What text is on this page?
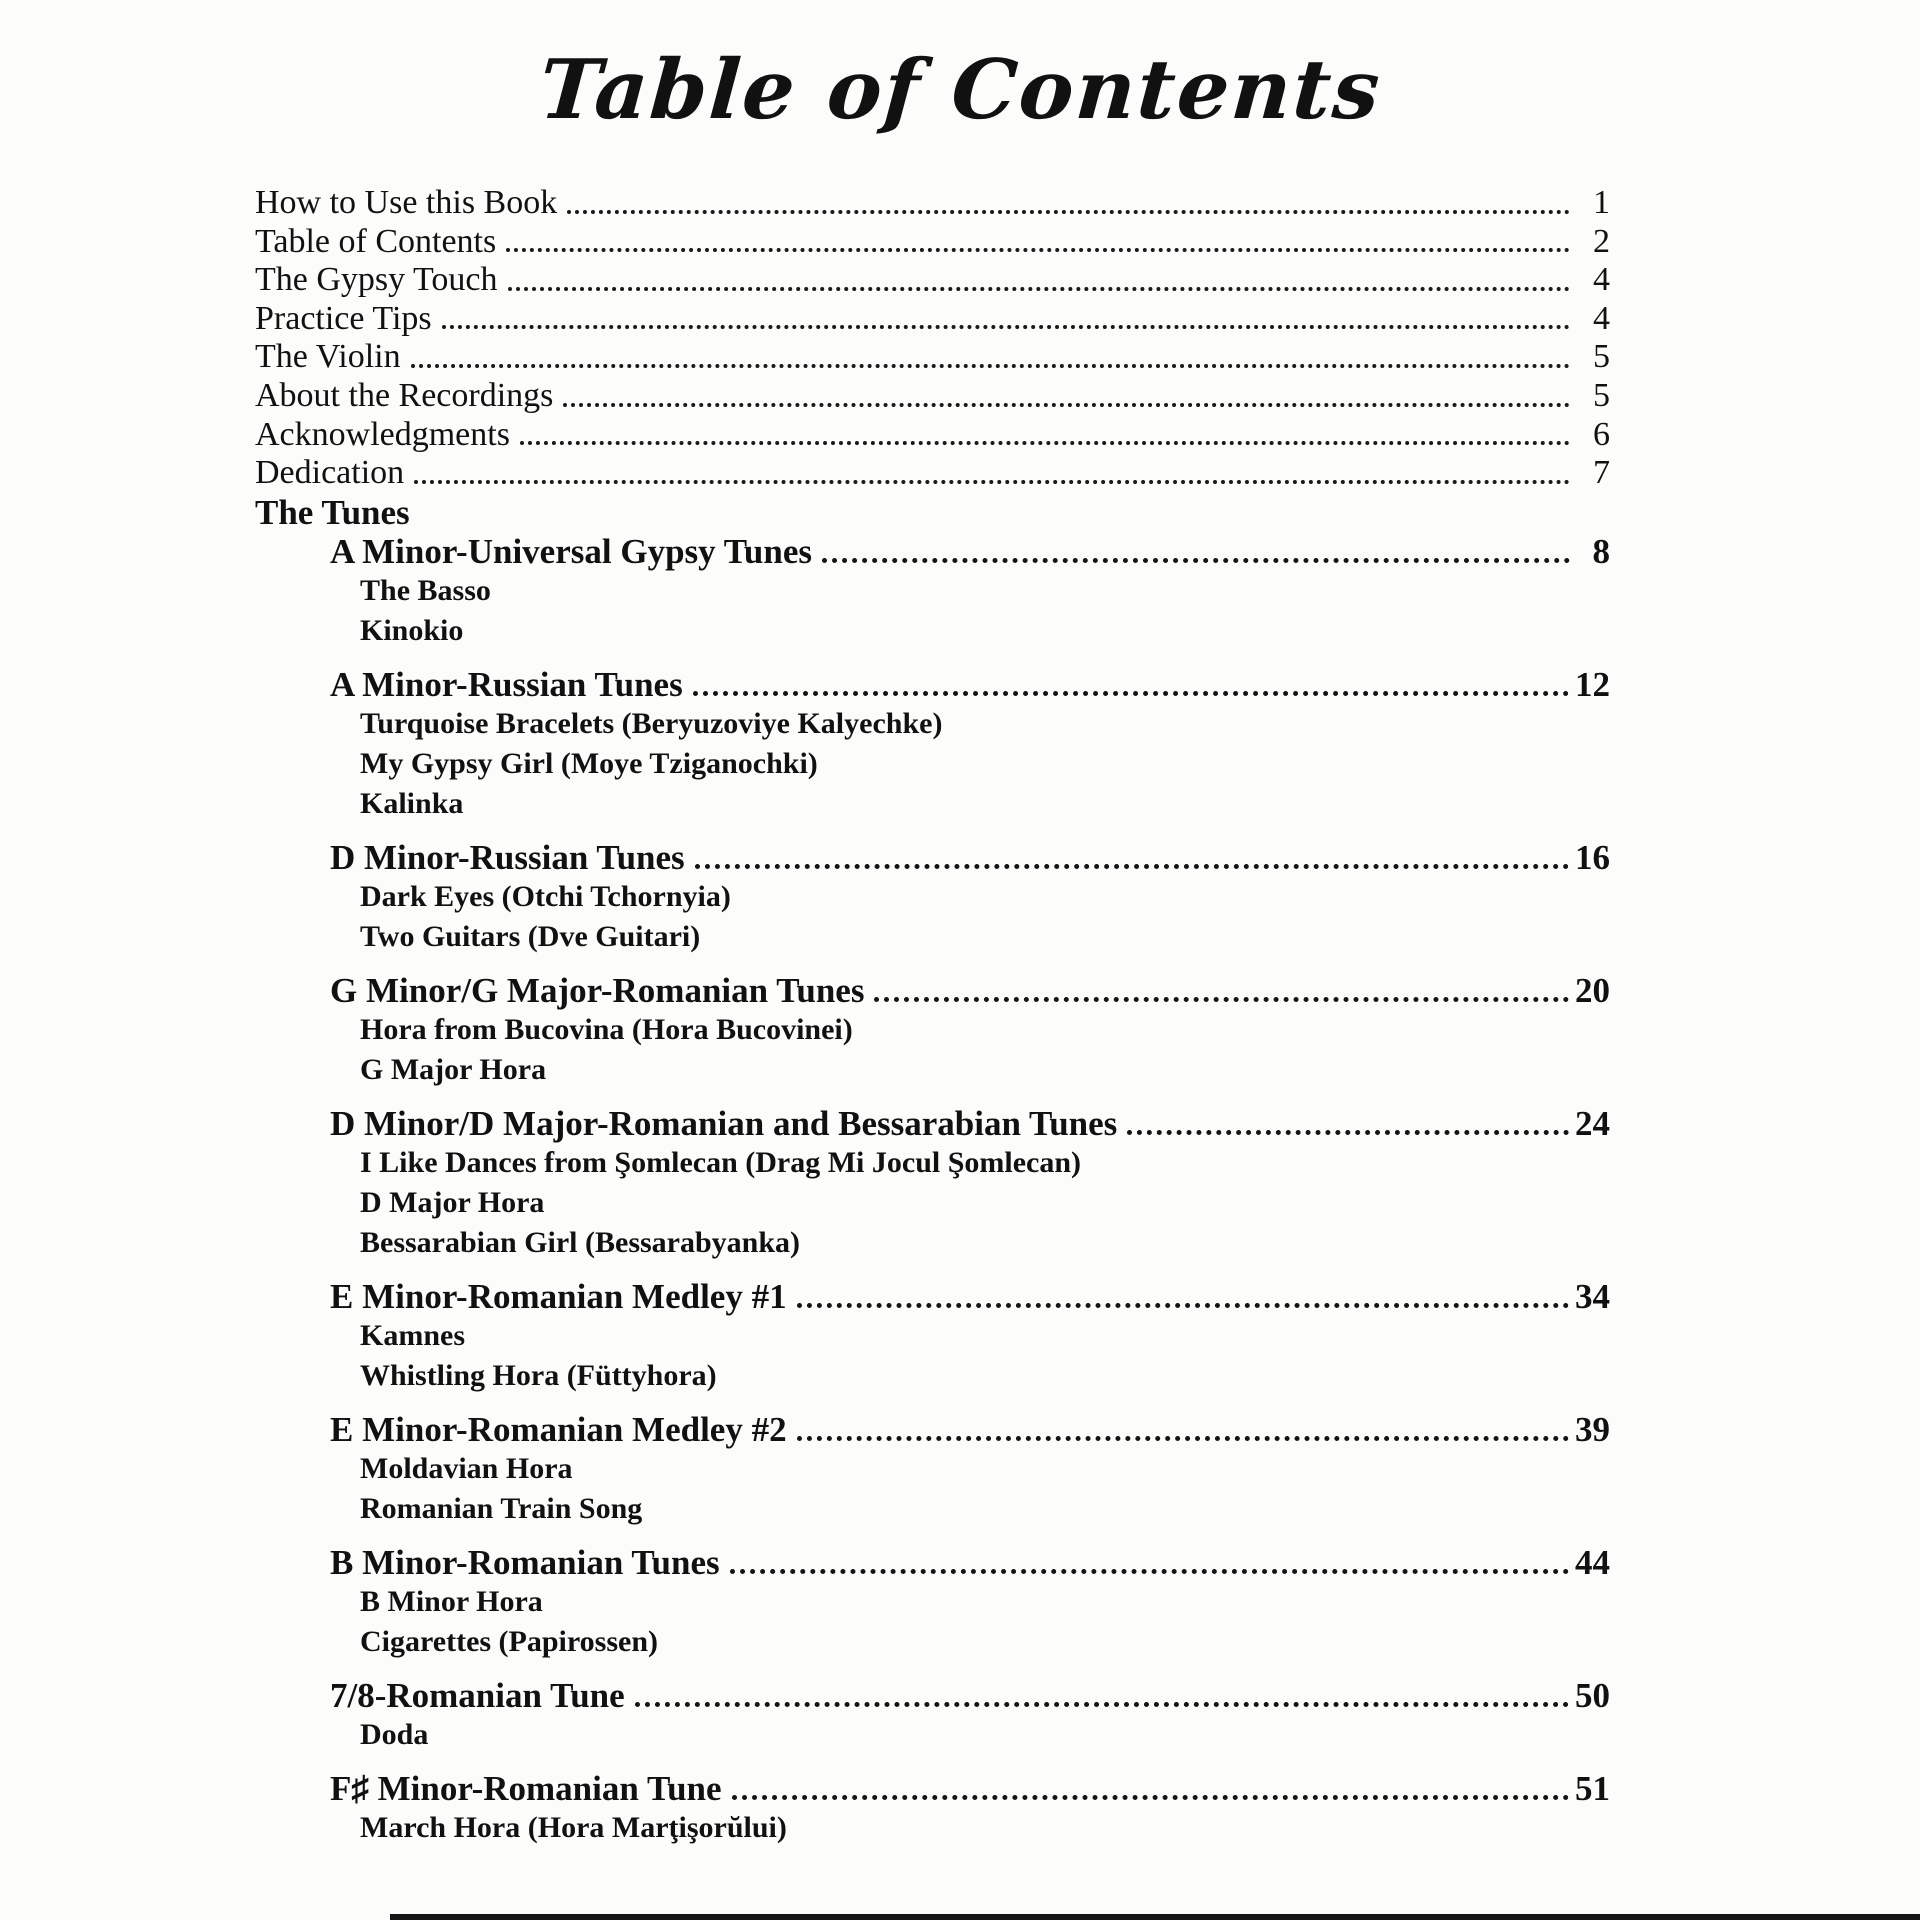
Table of Contents
How to Use this Book	1
Table of Contents	2
The Gypsy Touch	4
Practice Tips	4
The Violin	5
About the Recordings	5
Acknowledgments	6
Dedication	7
The Tunes
A Minor-Universal Gypsy Tunes	8
The Basso
Kinokio
A Minor-Russian Tunes	12
Turquoise Bracelets (Beryuzoviye Kalyechke)
My Gypsy Girl (Moye Tziganochki)
Kalinka
D Minor-Russian Tunes	16
Dark Eyes (Otchi Tchornyia)
Two Guitars (Dve Guitari)
G Minor/G Major-Romanian Tunes	20
Hora from Bucovina (Hora Bucovinei)
G Major Hora
D Minor/D Major-Romanian and Bessarabian Tunes	24
I Like Dances from Şomlecan (Drag Mi Jocul Şomlecan)
D Major Hora
Bessarabian Girl (Bessarabyanka)
E Minor-Romanian Medley #1	34
Kamnes
Whistling Hora (Füttyhora)
E Minor-Romanian Medley #2	39
Moldavian Hora
Romanian Train Song
B Minor-Romanian Tunes	44
B Minor Hora
Cigarettes (Papirossen)
7/8-Romanian Tune	50
Doda
F♯ Minor-Romanian Tune	51
March Hora (Hora Marţişorŭlui)
